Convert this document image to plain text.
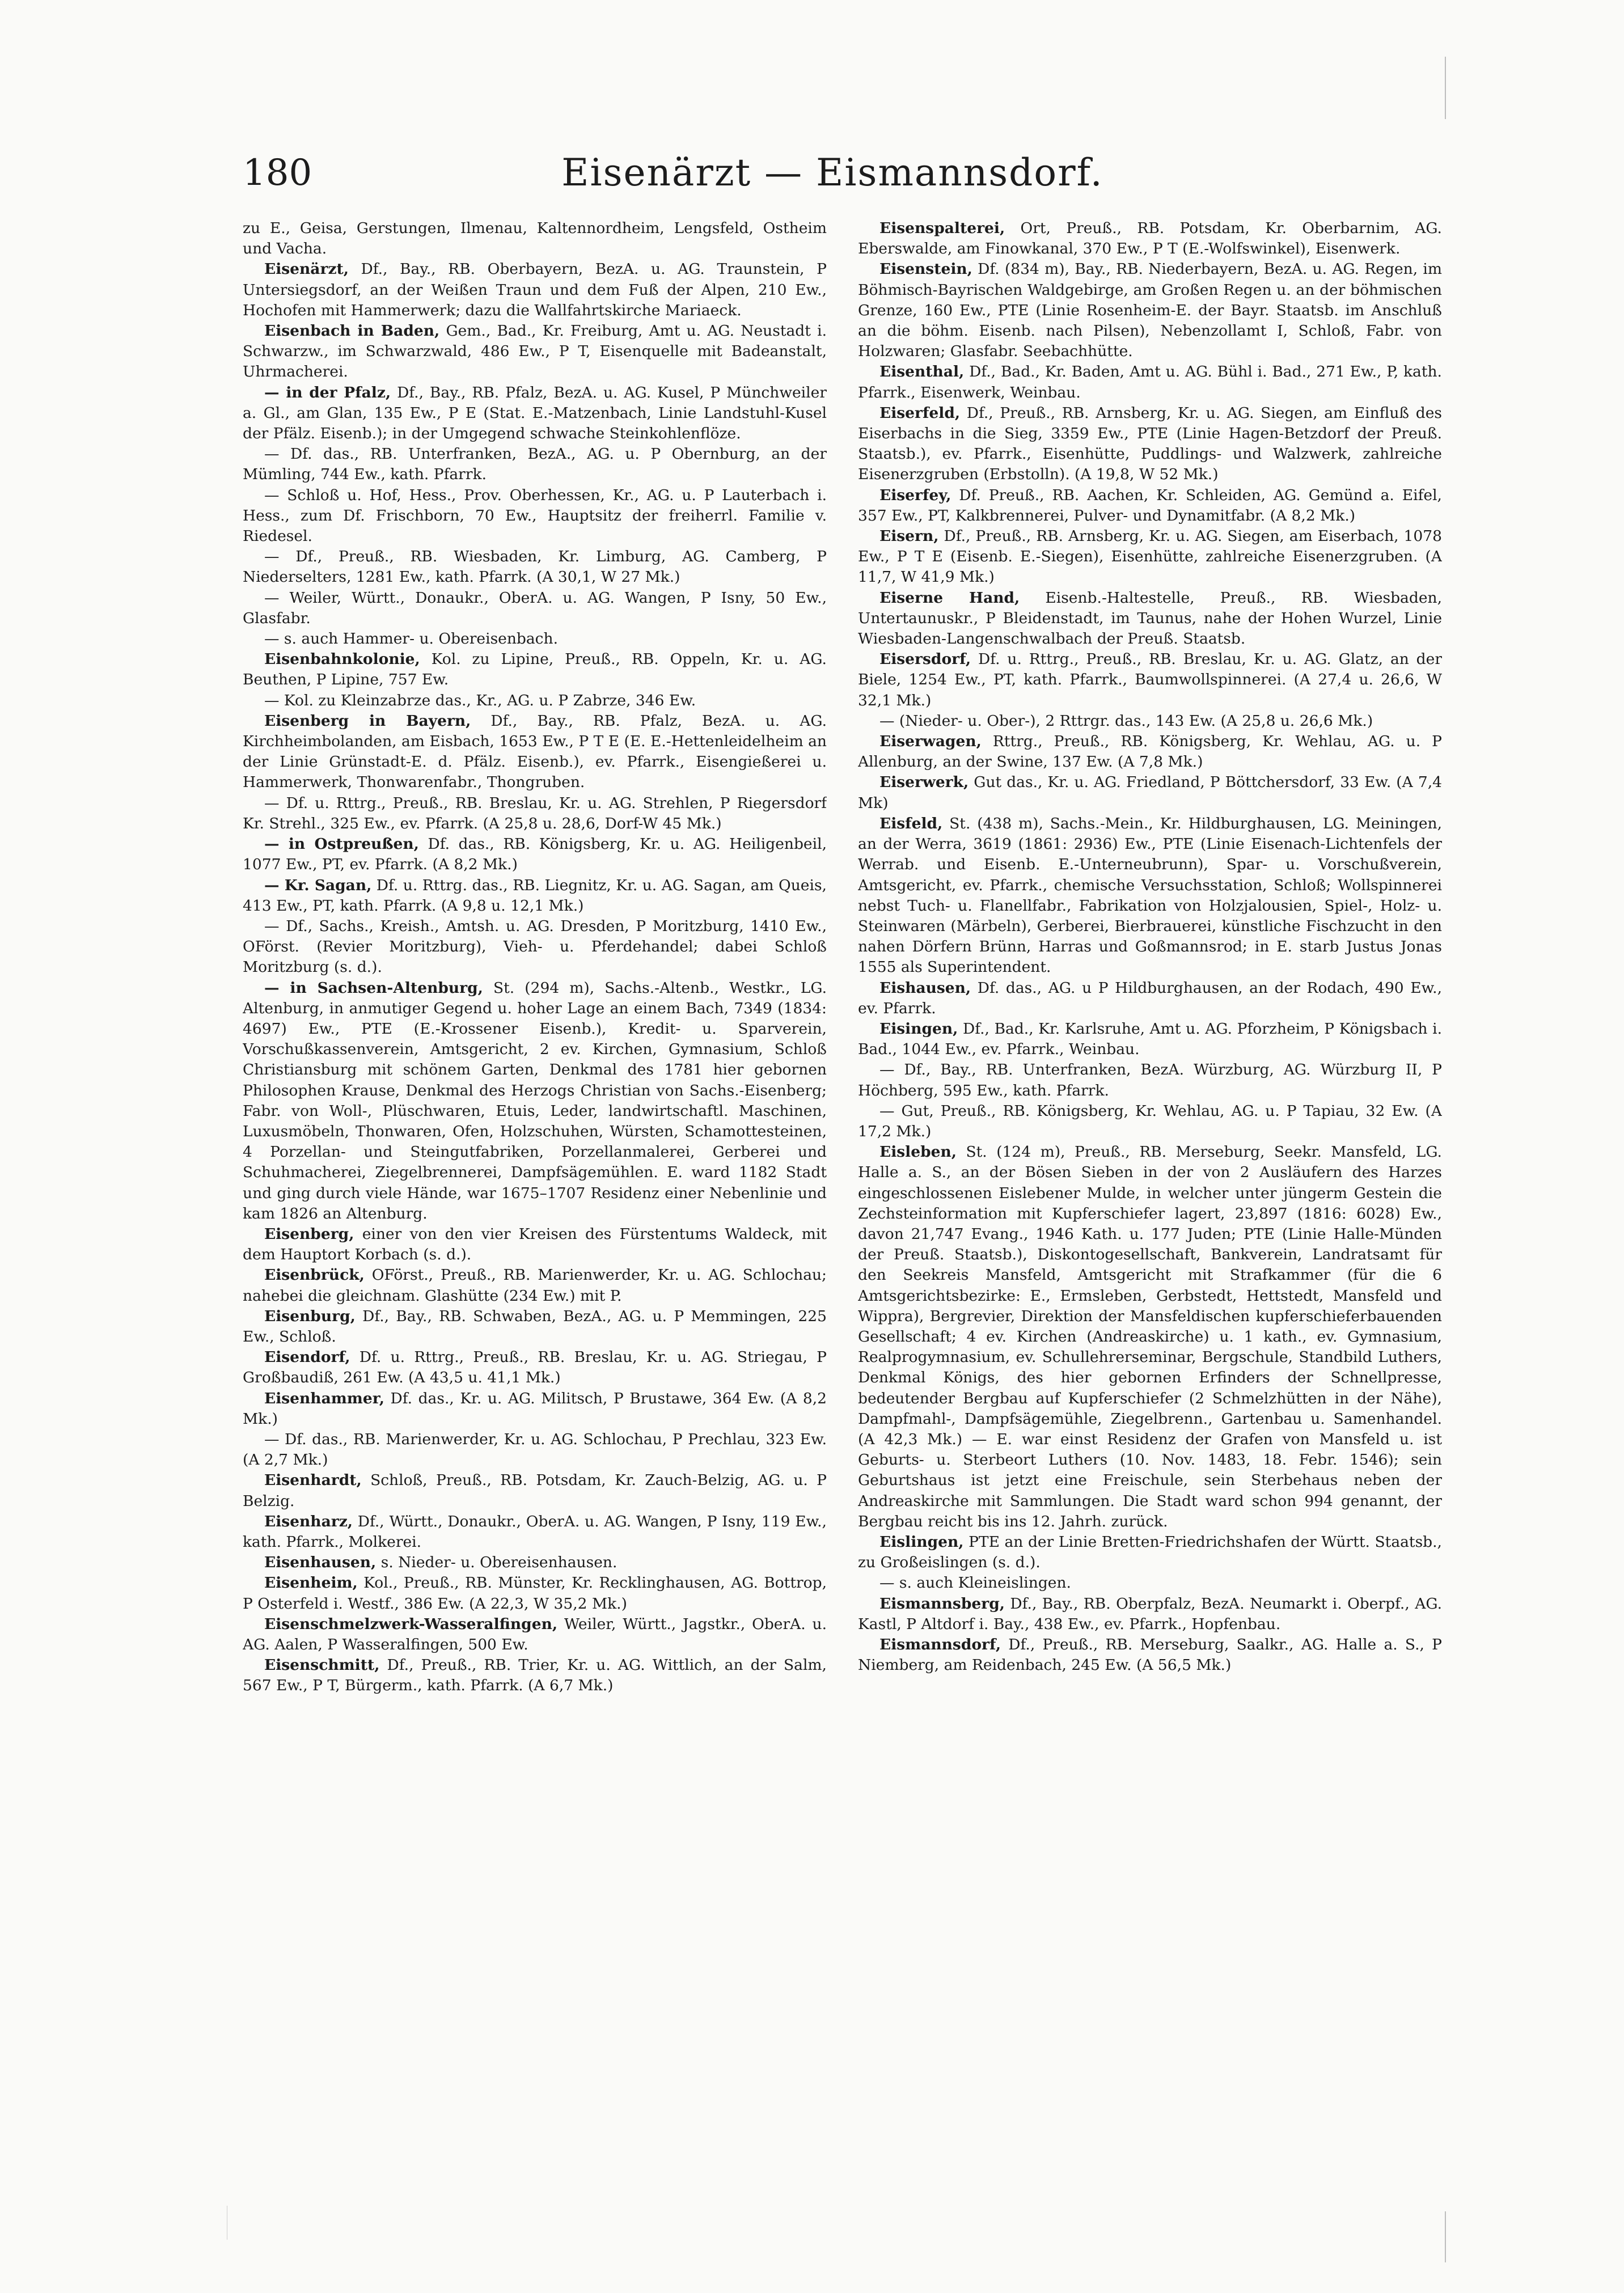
180	Eisenärzt — Eismannsdorf.

zu E., Geisa, Gerstungen, Ilmenau, Kaltennordheim, Lengsfeld, Ostheim und Vacha.

Eisenärzt, Df., Bay., RB. Oberbayern, BezA. u. AG. Traunstein, P Untersiegsdorf, an der Weißen Traun und dem Fuß der Alpen, 210 Ew., Hochofen mit Hammerwerk; dazu die Wallfahrtskirche Mariaeck.

Eisenbach in Baden, Gem., Bad., Kr. Freiburg, Amt u. AG. Neustadt i. Schwarzw., im Schwarzwald, 486 Ew., P T, Eisenquelle mit Badeanstalt, Uhrmacherei.

— in der Pfalz, Df., Bay., RB. Pfalz, BezA. u. AG. Kusel, P Münchweiler a. Gl., am Glan, 135 Ew., P E (Stat. E.-Matzenbach, Linie Landstuhl-Kusel der Pfälz. Eisenb.); in der Umgegend schwache Steinkohlenflöze.

— Df. das., RB. Unterfranken, BezA., AG. u. P Obernburg, an der Mümling, 744 Ew., kath. Pfarrk.

— Schloß u. Hof, Hess., Prov. Oberhessen, Kr., AG. u. P Lauterbach i. Hess., zum Df. Frischborn, 70 Ew., Hauptsitz der freiherrl. Familie v. Riedesel.

— Df., Preuß., RB. Wiesbaden, Kr. Limburg, AG. Camberg, P Niederselters, 1281 Ew., kath. Pfarrk. (A 30,1, W 27 Mk.)

— Weiler, Württ., Donaukr., OberA. u. AG. Wangen, P Isny, 50 Ew., Glasfabr.

— s. auch Hammer- u. Obereisenbach.

Eisenbahnkolonie, Kol. zu Lipine, Preuß., RB. Oppeln, Kr. u. AG. Beuthen, P Lipine, 757 Ew.

— Kol. zu Kleinzabrze das., Kr., AG. u. P Zabrze, 346 Ew.

Eisenberg in Bayern, Df., Bay., RB. Pfalz, BezA. u. AG. Kirchheimbolanden, am Eisbach, 1653 Ew., P T E (E. E.-Hettenleidelheim an der Linie Grünstadt-E. d. Pfälz. Eisenb.), ev. Pfarrk., Eisengießerei u. Hammerwerk, Thonwarenfabr., Thongruben.

— Df. u. Rttrg., Preuß., RB. Breslau, Kr. u. AG. Strehlen, P Riegersdorf Kr. Strehl., 325 Ew., ev. Pfarrk. (A 25,8 u. 28,6, Dorf-W 45 Mk.)

— in Ostpreußen, Df. das., RB. Königsberg, Kr. u. AG. Heiligenbeil, 1077 Ew., PT, ev. Pfarrk. (A 8,2 Mk.)

— Kr. Sagan, Df. u. Rttrg. das., RB. Liegnitz, Kr. u. AG. Sagan, am Queis, 413 Ew., PT, kath. Pfarrk. (A 9,8 u. 12,1 Mk.)

— Df., Sachs., Kreish., Amtsh. u. AG. Dresden, P Moritzburg, 1410 Ew., OFörst. (Revier Moritzburg), Vieh- u. Pferdehandel; dabei Schloß Moritzburg (s. d.).

— in Sachsen-Altenburg, St. (294 m), Sachs.-Altenb., Westkr., LG. Altenburg, in anmutiger Gegend u. hoher Lage an einem Bach, 7349 (1834: 4697) Ew., PTE (E.-Krossener Eisenb.), Kredit- u. Sparverein, Vorschußkassenverein, Amtsgericht, 2 ev. Kirchen, Gymnasium, Schloß Christiansburg mit schönem Garten, Denkmal des 1781 hier gebornen Philosophen Krause, Denkmal des Herzogs Christian von Sachs.-Eisenberg; Fabr. von Woll-, Plüschwaren, Etuis, Leder, landwirtschaftl. Maschinen, Luxusmöbeln, Thonwaren, Ofen, Holzschuhen, Würsten, Schamottesteinen, 4 Porzellan- und Steingutfabriken, Porzellanmalerei, Gerberei und Schuhmacherei, Ziegelbrennerei, Dampfsägemühlen. E. ward 1182 Stadt und ging durch viele Hände, war 1675–1707 Residenz einer Nebenlinie und kam 1826 an Altenburg.

Eisenberg, einer von den vier Kreisen des Fürstentums Waldeck, mit dem Hauptort Korbach (s. d.).

Eisenbrück, OFörst., Preuß., RB. Marienwerder, Kr. u. AG. Schlochau; nahebei die gleichnam. Glashütte (234 Ew.) mit P.

Eisenburg, Df., Bay., RB. Schwaben, BezA., AG. u. P Memmingen, 225 Ew., Schloß.

Eisendorf, Df. u. Rttrg., Preuß., RB. Breslau, Kr. u. AG. Striegau, P Großbaudiß, 261 Ew. (A 43,5 u. 41,1 Mk.)

Eisenhammer, Df. das., Kr. u. AG. Militsch, P Brustawe, 364 Ew. (A 8,2 Mk.)

— Df. das., RB. Marienwerder, Kr. u. AG. Schlochau, P Prechlau, 323 Ew. (A 2,7 Mk.)

Eisenhardt, Schloß, Preuß., RB. Potsdam, Kr. Zauch-Belzig, AG. u. P Belzig.

Eisenharz, Df., Württ., Donaukr., OberA. u. AG. Wangen, P Isny, 119 Ew., kath. Pfarrk., Molkerei.

Eisenhausen, s. Nieder- u. Obereisenhausen.

Eisenheim, Kol., Preuß., RB. Münster, Kr. Recklinghausen, AG. Bottrop, P Osterfeld i. Westf., 386 Ew. (A 22,3, W 35,2 Mk.)

Eisenschmelzwerk-Wasseralfingen, Weiler, Württ., Jagstkr., OberA. u. AG. Aalen, P Wasseralfingen, 500 Ew.

Eisenschmitt, Df., Preuß., RB. Trier, Kr. u. AG. Wittlich, an der Salm, 567 Ew., P T, Bürgerm., kath. Pfarrk. (A 6,7 Mk.)

Eisenspalterei, Ort, Preuß., RB. Potsdam, Kr. Oberbarnim, AG. Eberswalde, am Finowkanal, 370 Ew., P T (E.-Wolfswinkel), Eisenwerk.

Eisenstein, Df. (834 m), Bay., RB. Niederbayern, BezA. u. AG. Regen, im Böhmisch-Bayrischen Waldgebirge, am Großen Regen u. an der böhmischen Grenze, 160 Ew., PTE (Linie Rosenheim-E. der Bayr. Staatsb. im Anschluß an die böhm. Eisenb. nach Pilsen), Nebenzollamt I, Schloß, Fabr. von Holzwaren; Glasfabr. Seebachhütte.

Eisenthal, Df., Bad., Kr. Baden, Amt u. AG. Bühl i. Bad., 271 Ew., P, kath. Pfarrk., Eisenwerk, Weinbau.

Eiserfeld, Df., Preuß., RB. Arnsberg, Kr. u. AG. Siegen, am Einfluß des Eiserbachs in die Sieg, 3359 Ew., PTE (Linie Hagen-Betzdorf der Preuß. Staatsb.), ev. Pfarrk., Eisenhütte, Puddlings- und Walzwerk, zahlreiche Eisenerzgruben (Erbstolln). (A 19,8, W 52 Mk.)

Eiserfey, Df. Preuß., RB. Aachen, Kr. Schleiden, AG. Gemünd a. Eifel, 357 Ew., PT, Kalkbrennerei, Pulver- und Dynamitfabr. (A 8,2 Mk.)

Eisern, Df., Preuß., RB. Arnsberg, Kr. u. AG. Siegen, am Eiserbach, 1078 Ew., P T E (Eisenb. E.-Siegen), Eisenhütte, zahlreiche Eisenerzgruben. (A 11,7, W 41,9 Mk.)

Eiserne Hand, Eisenb.-Haltestelle, Preuß., RB. Wiesbaden, Untertaunuskr., P Bleidenstadt, im Taunus, nahe der Hohen Wurzel, Linie Wiesbaden-Langenschwalbach der Preuß. Staatsb.

Eisersdorf, Df. u. Rttrg., Preuß., RB. Breslau, Kr. u. AG. Glatz, an der Biele, 1254 Ew., PT, kath. Pfarrk., Baumwollspinnerei. (A 27,4 u. 26,6, W 32,1 Mk.)

— (Nieder- u. Ober-), 2 Rttrgr. das., 143 Ew. (A 25,8 u. 26,6 Mk.)

Eiserwagen, Rttrg., Preuß., RB. Königsberg, Kr. Wehlau, AG. u. P Allenburg, an der Swine, 137 Ew. (A 7,8 Mk.)

Eiserwerk, Gut das., Kr. u. AG. Friedland, P Böttchersdorf, 33 Ew. (A 7,4 Mk)

Eisfeld, St. (438 m), Sachs.-Mein., Kr. Hildburghausen, LG. Meiningen, an der Werra, 3619 (1861: 2936) Ew., PTE (Linie Eisenach-Lichtenfels der Werrab. und Eisenb. E.-Unterneubrunn), Spar- u. Vorschußverein, Amtsgericht, ev. Pfarrk., chemische Versuchsstation, Schloß; Wollspinnerei nebst Tuch- u. Flanellfabr., Fabrikation von Holzjalousien, Spiel-, Holz- u. Steinwaren (Märbeln), Gerberei, Bierbrauerei, künstliche Fischzucht in den nahen Dörfern Brünn, Harras und Goßmannsrod; in E. starb Justus Jonas 1555 als Superintendent.

Eishausen, Df. das., AG. u P Hildburghausen, an der Rodach, 490 Ew., ev. Pfarrk.

Eisingen, Df., Bad., Kr. Karlsruhe, Amt u. AG. Pforzheim, P Königsbach i. Bad., 1044 Ew., ev. Pfarrk., Weinbau.

— Df., Bay., RB. Unterfranken, BezA. Würzburg, AG. Würzburg II, P Höchberg, 595 Ew., kath. Pfarrk.

— Gut, Preuß., RB. Königsberg, Kr. Wehlau, AG. u. P Tapiau, 32 Ew. (A 17,2 Mk.)

Eisleben, St. (124 m), Preuß., RB. Merseburg, Seekr. Mansfeld, LG. Halle a. S., an der Bösen Sieben in der von 2 Ausläufern des Harzes eingeschlossenen Eislebener Mulde, in welcher unter jüngerm Gestein die Zechsteinformation mit Kupferschiefer lagert, 23,897 (1816: 6028) Ew., davon 21,747 Evang., 1946 Kath. u. 177 Juden; PTE (Linie Halle-Münden der Preuß. Staatsb.), Diskontogesellschaft, Bankverein, Landratsamt für den Seekreis Mansfeld, Amtsgericht mit Strafkammer (für die 6 Amtsgerichtsbezirke: E., Ermsleben, Gerbstedt, Hettstedt, Mansfeld und Wippra), Bergrevier, Direktion der Mansfeldischen kupferschieferbauenden Gesellschaft; 4 ev. Kirchen (Andreaskirche) u. 1 kath., ev. Gymnasium, Realprogymnasium, ev. Schullehrerseminar, Bergschule, Standbild Luthers, Denkmal Königs, des hier gebornen Erfinders der Schnellpresse, bedeutender Bergbau auf Kupferschiefer (2 Schmelzhütten in der Nähe), Dampfmahl-, Dampfsägemühle, Ziegelbrenn., Gartenbau u. Samenhandel. (A 42,3 Mk.) — E. war einst Residenz der Grafen von Mansfeld u. ist Geburts- u. Sterbeort Luthers (10. Nov. 1483, 18. Febr. 1546); sein Geburtshaus ist jetzt eine Freischule, sein Sterbehaus neben der Andreaskirche mit Sammlungen. Die Stadt ward schon 994 genannt, der Bergbau reicht bis ins 12. Jahrh. zurück.

Eislingen, PTE an der Linie Bretten-Friedrichshafen der Württ. Staatsb., zu Großeislingen (s. d.).

— s. auch Kleineislingen.

Eismannsberg, Df., Bay., RB. Oberpfalz, BezA. Neumarkt i. Oberpf., AG. Kastl, P Altdorf i. Bay., 438 Ew., ev. Pfarrk., Hopfenbau.

Eismannsdorf, Df., Preuß., RB. Merseburg, Saalkr., AG. Halle a. S., P Niemberg, am Reidenbach, 245 Ew. (A 56,5 Mk.)
